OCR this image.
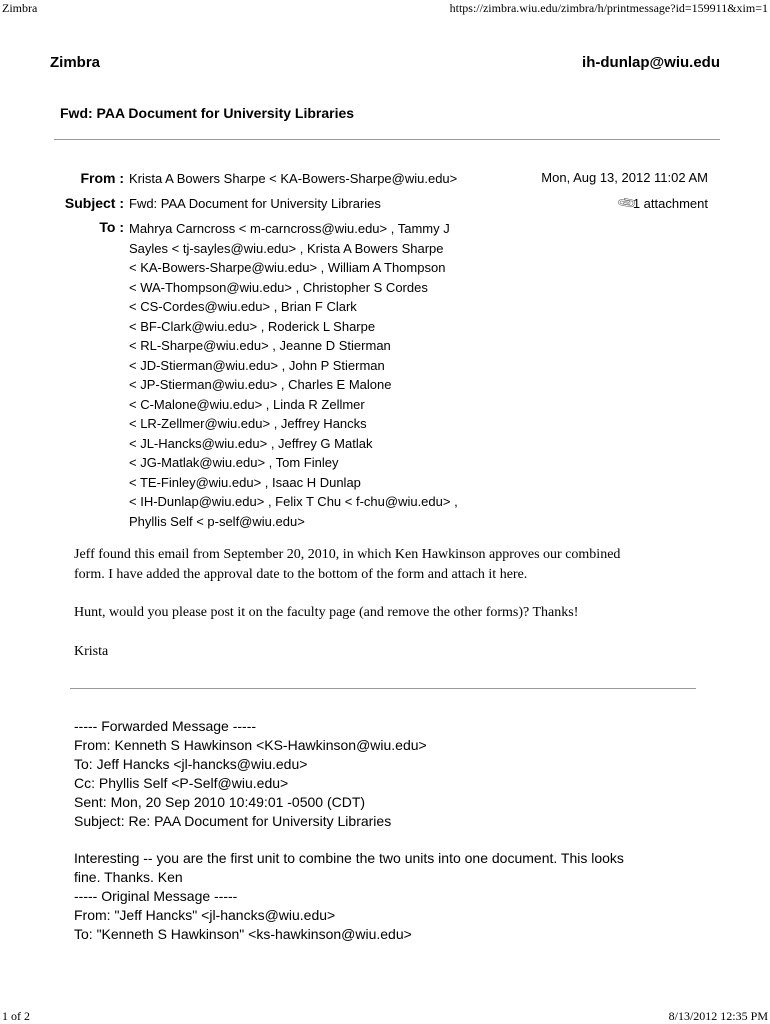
Zimbra	https://zimbra.wiu.edu/zimbra/h/printmessage?id=159911&xim=1
Zimbra	ih-dunlap@wiu.edu
Fwd: PAA Document for University Libraries
From : Krista A Bowers Sharpe < KA-Bowers-Sharpe@wiu.edu>	Mon, Aug 13, 2012 11:02 AM
Subject : Fwd: PAA Document for University Libraries	📎︎1 attachment
To : Mahrya Carncross < m-carncross@wiu.edu> , Tammy J
Sayles < tj-sayles@wiu.edu> , Krista A Bowers Sharpe
< KA-Bowers-Sharpe@wiu.edu> , William A Thompson
< WA-Thompson@wiu.edu> , Christopher S Cordes
< CS-Cordes@wiu.edu> , Brian F Clark
< BF-Clark@wiu.edu> , Roderick L Sharpe
< RL-Sharpe@wiu.edu> , Jeanne D Stierman
< JD-Stierman@wiu.edu> , John P Stierman
< JP-Stierman@wiu.edu> , Charles E Malone
< C-Malone@wiu.edu> , Linda R Zellmer
< LR-Zellmer@wiu.edu> , Jeffrey Hancks
< JL-Hancks@wiu.edu> , Jeffrey G Matlak
< JG-Matlak@wiu.edu> , Tom Finley
< TE-Finley@wiu.edu> , Isaac H Dunlap
< IH-Dunlap@wiu.edu> , Felix T Chu < f-chu@wiu.edu> ,
Phyllis Self < p-self@wiu.edu>
Jeff found this email from September 20, 2010, in which Ken Hawkinson approves our combined
form. I have added the approval date to the bottom of the form and attach it here.
Hunt, would you please post it on the faculty page (and remove the other forms)? Thanks!
Krista
----- Forwarded Message -----
From: Kenneth S Hawkinson <KS-Hawkinson@wiu.edu>
To: Jeff Hancks <jl-hancks@wiu.edu>
Cc: Phyllis Self <P-Self@wiu.edu>
Sent: Mon, 20 Sep 2010 10:49:01 -0500 (CDT)
Subject: Re: PAA Document for University Libraries
Interesting -- you are the first unit to combine the two units into one document. This looks
fine. Thanks. Ken
----- Original Message -----
From: "Jeff Hancks" <jl-hancks@wiu.edu>
To: "Kenneth S Hawkinson" <ks-hawkinson@wiu.edu>
1 of 2	8/13/2012 12:35 PM
